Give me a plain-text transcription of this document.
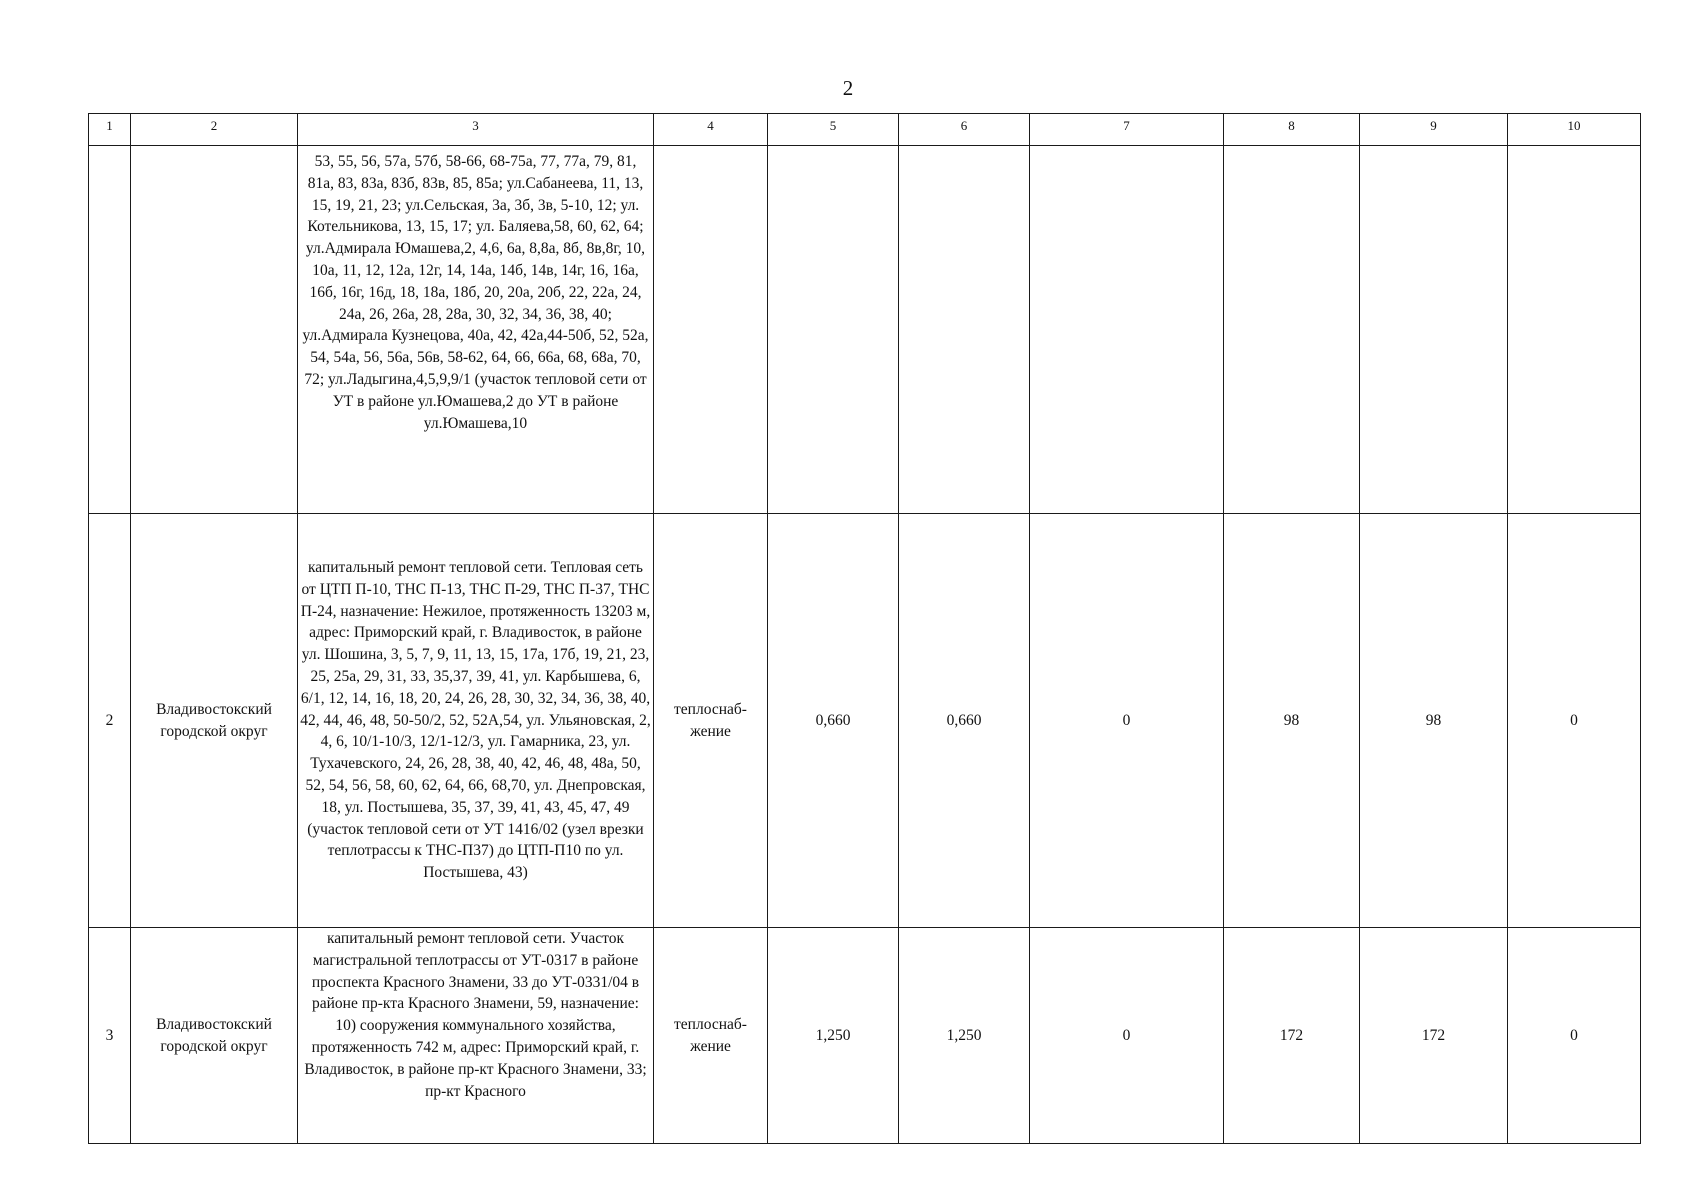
2
1	2	3	4	5	6	7	8	9	10
		53, 55, 56, 57а, 57б, 58-66, 68-75а, 77, 77а, 79, 81, 81а, 83, 83а, 83б, 83в, 85, 85а; ул.Сабанеева, 11, 13, 15, 19, 21, 23; ул.Сельская, 3а, 3б, 3в, 5-10, 12; ул. Котельникова, 13, 15, 17; ул. Баляева,58, 60, 62, 64; ул.Адмирала Юмашева,2, 4,6, 6а, 8,8а, 8б, 8в,8г, 10, 10а, 11, 12, 12а, 12г, 14, 14а, 14б, 14в, 14г, 16, 16а, 16б, 16г, 16д, 18, 18а, 18б, 20, 20а, 20б, 22, 22а, 24, 24а, 26, 26а, 28, 28а, 30, 32, 34, 36, 38, 40; ул.Адмирала Кузнецова, 40а, 42, 42а,44-50б, 52, 52а, 54, 54а, 56, 56а, 56в, 58-62, 64, 66, 66а, 68, 68а, 70, 72; ул.Ладыгина,4,5,9,9/1 (участок тепловой сети от УТ в районе ул.Юмашева,2 до УТ в районе ул.Юмашева,10							
2	Владивостокский городской округ	капитальный ремонт тепловой сети. Тепловая сеть от ЦТП П-10, ТНС П-13, ТНС П-29, ТНС П-37, ТНС П-24, назначение: Нежилое, протяженность 13203 м, адрес: Приморский край, г. Владивосток, в районе ул. Шошина, 3, 5, 7, 9, 11, 13, 15, 17а, 17б, 19, 21, 23, 25, 25а, 29, 31, 33, 35,37, 39, 41, ул. Карбышева, 6, 6/1, 12, 14, 16, 18, 20, 24, 26, 28, 30, 32, 34, 36, 38, 40, 42, 44, 46, 48, 50-50/2, 52, 52А,54, ул. Ульяновская, 2, 4, 6, 10/1-10/3, 12/1-12/3, ул. Гамарника, 23, ул. Тухачевского, 24, 26, 28, 38, 40, 42, 46, 48, 48а, 50, 52, 54, 56, 58, 60, 62, 64, 66, 68,70, ул. Днепровская, 18, ул. Постышева, 35, 37, 39, 41, 43, 45, 47, 49 (участок тепловой сети от УТ 1416/02 (узел врезки теплотрассы к ТНС-П37) до ЦТП-П10 по ул. Постышева, 43)	теплоснаб-жение	0,660	0,660	0	98	98	0
3	Владивостокский городской округ	капитальный ремонт тепловой сети. Участок магистральной теплотрассы от УТ-0317 в районе проспекта Красного Знамени, 33 до УТ-0331/04 в районе пр-кта Красного Знамени, 59, назначение: 10) сооружения коммунального хозяйства, протяженность 742 м, адрес: Приморский край, г. Владивосток, в районе пр-кт Красного Знамени, 33; пр-кт Красного	теплоснаб-жение	1,250	1,250	0	172	172	0
